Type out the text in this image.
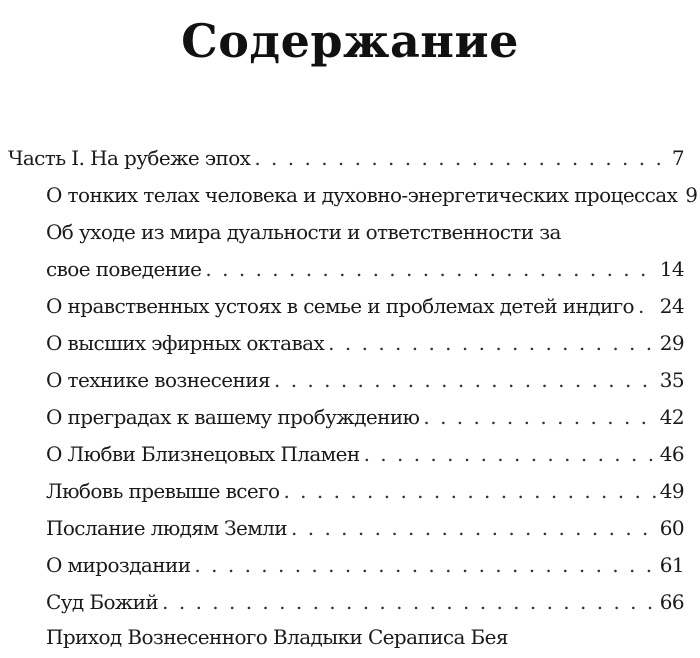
Содержание
Часть I. На рубеже эпох . . .	7
О тонких телах человека и духовно-энергетических процессах 9
Об уходе из мира дуальности и ответственности за
свое поведение . . .	14
О нравственных устоях в семье и проблемах детей индиго . . . 24
О высших эфирных октавах . . .	29
О технике вознесения . . .	35
О преградах к вашему пробуждению . . .	42
О Любви Близнецовых Пламен . . .	46
Любовь превыше всего . . .	49
Послание людям Земли . . .	60
О мироздании . . .	61
Суд Божий . . .	66
Приход Вознесенного Владыки Сераписа Бея
